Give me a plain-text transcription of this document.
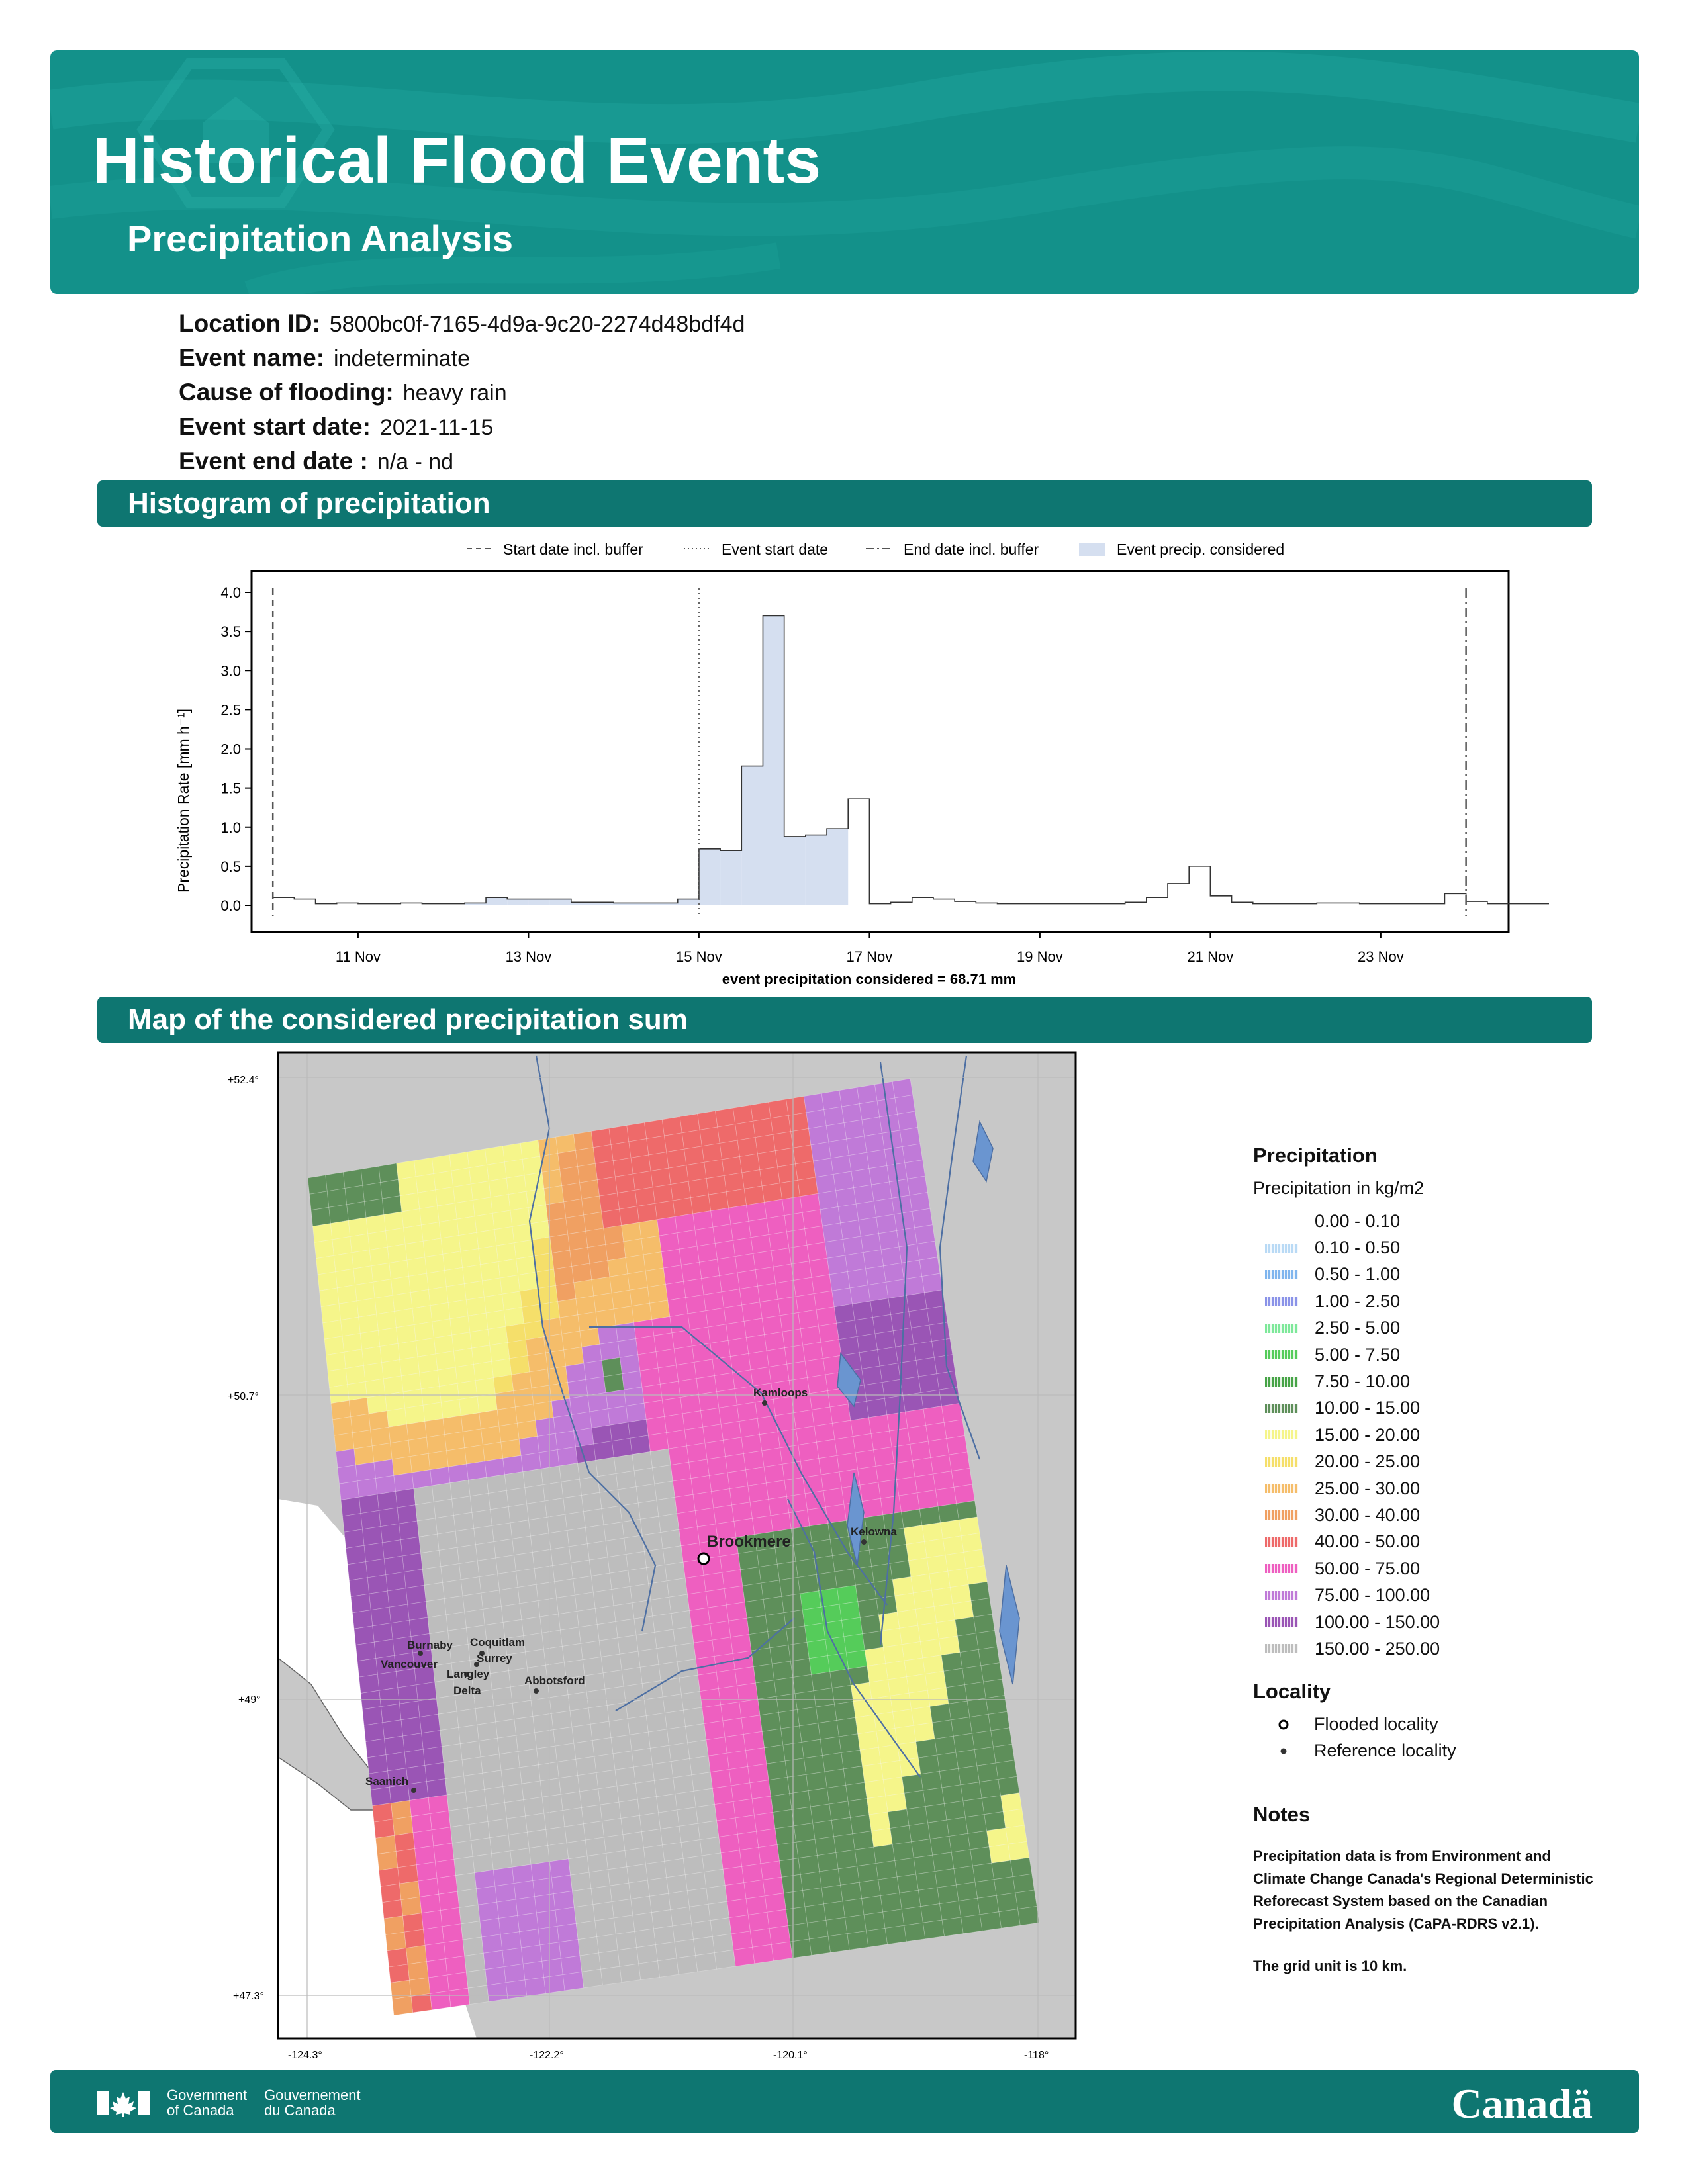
Historical Flood Events
Precipitation Analysis
Location ID: 5800bc0f-7165-4d9a-9c20-2274d48bdf4d
Event name: indeterminate
Cause of flooding: heavy rain
Event start date: 2021-11-15
Event end date : n/a - nd
Histogram of precipitation
Start date incl. buffer	Event start date	End date incl. buffer	Event precip. considered
0.0
0.5
1.0
1.5
2.0
2.5
3.0
3.5
4.0
11 Nov	13 Nov	15 Nov	17 Nov	19 Nov	21 Nov	23 Nov
Precipitation Rate [mm h⁻¹]
event precipitation considered = 68.71 mm
Map of the considered precipitation sum
+52.4°
+50.7°
+49°
+47.3°
-124.3°	-122.2°	-120.1°	-118°
Brookmere
Kamloops
Kelowna
Burnaby Coquitlam
Vancouver	Surrey
Langley
Delta
Abbotsford
Saanich
Precipitation
Precipitation in kg/m2
0.00 - 0.10
0.10 - 0.50
0.50 - 1.00
1.00 - 2.50
2.50 - 5.00
5.00 - 7.50
7.50 - 10.00
10.00 - 15.00
15.00 - 20.00
20.00 - 25.00
25.00 - 30.00
30.00 - 40.00
40.00 - 50.00
50.00 - 75.00
75.00 - 100.00
100.00 - 150.00
150.00 - 250.00
Locality
Flooded locality
Reference locality
Notes
Precipitation data is from Environment and Climate Change Canada's Regional Deterministic Reforecast System based on the Canadian Precipitation Analysis (CaPA-RDRS v2.1).
The grid unit is 10 km.
Government
of Canada
Gouvernement
du Canada	Canadä
